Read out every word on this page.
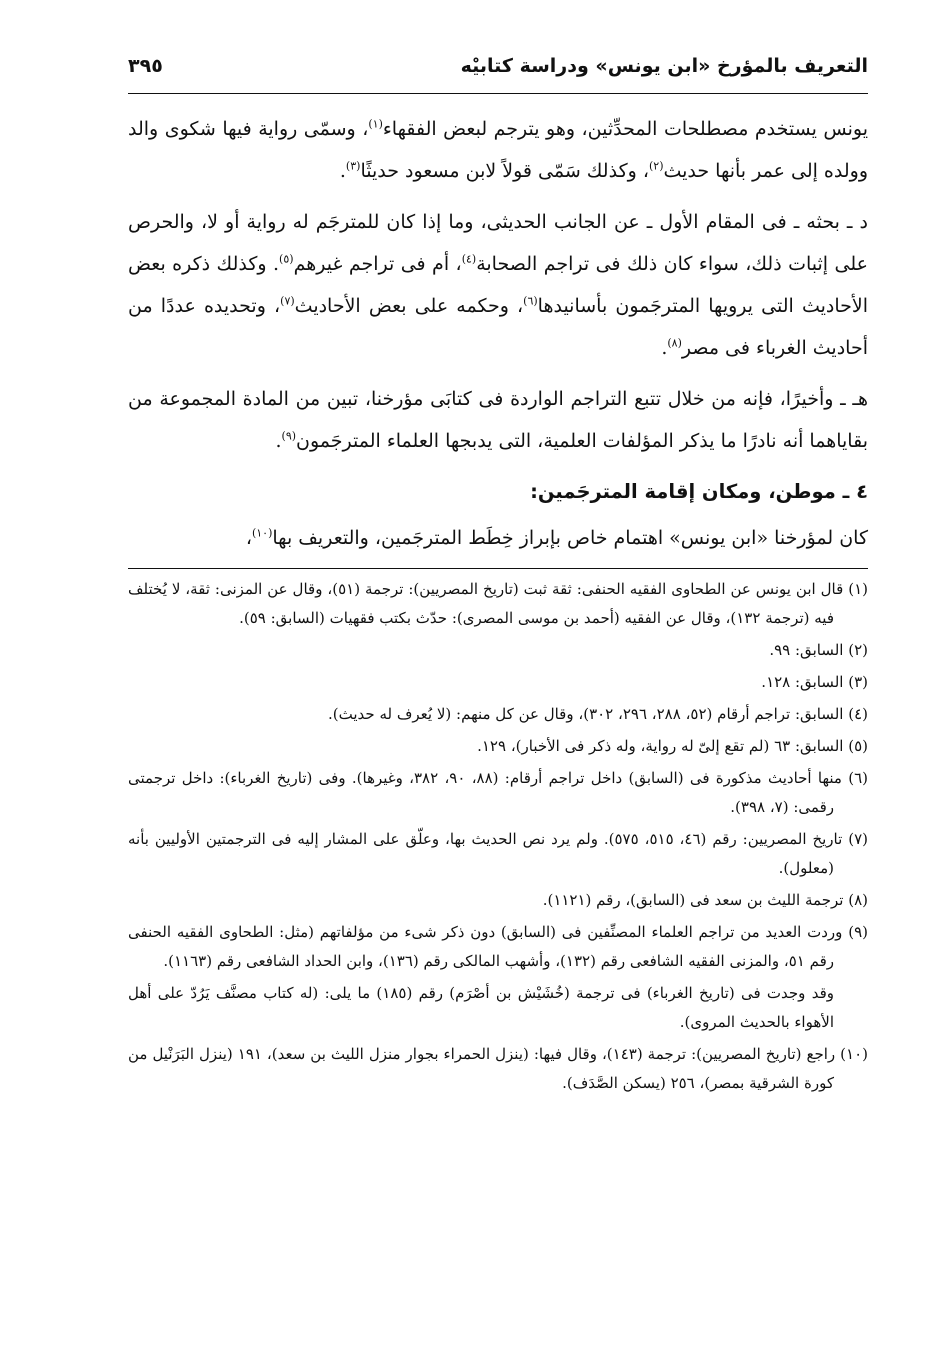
التعريف بالمؤرخ «ابن يونس» ودراسة كتابيْه
٣٩٥

يونس يستخدم مصطلحات المحدِّثين، وهو يترجم لبعض الفقهاء$^{(١)}$، وسمّى رواية فيها شكوى والد وولده إلى عمر بأنها حديث$^{(٢)}$، وكذلك سَمّى قولاً لابن مسعود حديثًا$^{(٣)}$.

د ـ بحثه ـ فى المقام الأول ـ عن الجانب الحديثى، وما إذا كان للمترجَم له رواية أو لا، والحرص على إثبات ذلك، سواء كان ذلك فى تراجم الصحابة$^{(٤)}$، أم فى تراجم غيرهم$^{(٥)}$. وكذلك ذكره بعض الأحاديث التى يرويها المترجَمون بأسانيدها$^{(٦)}$، وحكمه على بعض الأحاديث$^{(٧)}$، وتحديده عددًا من أحاديث الغرباء فى مصر$^{(٨)}$.

هـ ـ وأخيرًا، فإنه من خلال تتبع التراجم الواردة فى كتابَى مؤرخنا، تبين من المادة المجموعة من بقاياهما أنه نادرًا ما يذكر المؤلفات العلمية، التى يدبجها العلماء المترجَمون$^{(٩)}$.

٤ ـ موطن، ومكان إقامة المترجَمين:

كان لمؤرخنا «ابن يونس» اهتمام خاص بإبراز خِطَط المترجَمين، والتعريف بها$^{(١٠)}$،

(١) قال ابن يونس عن الطحاوى الفقيه الحنفى: ثقة ثبت (تاريخ المصريين): ترجمة (٥١)، وقال عن المزنى: ثقة، لا يُختلف فيه (ترجمة ١٣٢)، وقال عن الفقيه (أحمد بن موسى المصرى): حدّث بكتب فقهيات (السابق: ٥٩).

(٢) السابق: ٩٩.

(٣) السابق: ١٢٨.

(٤) السابق: تراجم أرقام (٥٢، ٢٨٨، ٢٩٦، ٣٠٢)، وقال عن كل منهم: (لا يُعرف له حديث).

(٥) السابق: ٦٣ (لم تقع إلىّ له رواية، وله ذكر فى الأخبار)، ١٢٩.

(٦) منها أحاديث مذكورة فى (السابق) داخل تراجم أرقام: (٨٨، ٩٠، ٣٨٢، وغيرها). وفى (تاريخ الغرباء): داخل ترجمتى رقمى: (٧، ٣٩٨).

(٧) تاريخ المصريين: رقم (٤٦، ٥١٥، ٥٧٥). ولم يرد نص الحديث بها، وعلّق على المشار إليه فى الترجمتين الأوليين بأنه (معلول).

(٨) ترجمة الليث بن سعد فى (السابق)، رقم (١١٢١).

(٩) وردت العديد من تراجم العلماء المصنِّفين فى (السابق) دون ذكر شىء من مؤلفاتهم (مثل: الطحاوى الفقيه الحنفى رقم ٥١، والمزنى الفقيه الشافعى رقم (١٣٢)، وأشهب المالكى رقم (١٣٦)، وابن الحداد الشافعى رقم (١١٦٣).

وقد وجدت فى (تاريخ الغرباء) فى ترجمة (خُشَيْش بن أصْرَم) رقم (١٨٥) ما يلى: (له كتاب مصنَّف يَرُدّ على أهل الأهواء بالحديث المروى).

(١٠) راجع (تاريخ المصريين): ترجمة (١٤٣)، وقال فيها: (ينزل الحمراء بجوار منزل الليث بن سعد)، ١٩١ (ينزل البَرَنْيل من كورة الشرقية بمصر)، ٢٥٦ (يسكن الصَّدَف).
